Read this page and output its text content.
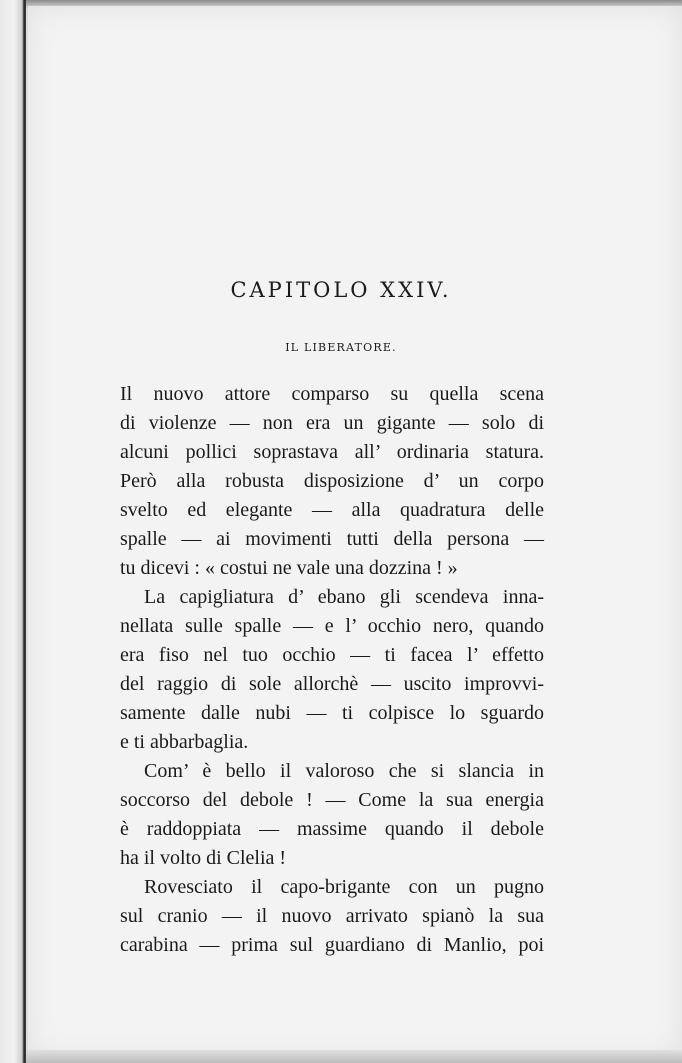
CAPITOLO XXIV.
IL LIBERATORE.
Il nuovo attore comparso su quella scena
di violenze — non era un gigante — solo di
alcuni pollici soprastava all’ ordinaria statura.
Però alla robusta disposizione d’ un corpo
svelto ed elegante — alla quadratura delle
spalle — ai movimenti tutti della persona —
tu dicevi : « costui ne vale una dozzina ! »
La capigliatura d’ ebano gli scendeva inna-
nellata sulle spalle — e l’ occhio nero, quando
era fiso nel tuo occhio — ti facea l’ effetto
del raggio di sole allorchè — uscito improvvi-
samente dalle nubi — ti colpisce lo sguardo
e ti abbarbaglia.
Com’ è bello il valoroso che si slancia in
soccorso del debole ! — Come la sua energia
è raddoppiata — massime quando il debole
ha il volto di Clelia !
Rovesciato il capo-brigante con un pugno
sul cranio — il nuovo arrivato spianò la sua
carabina — prima sul guardiano di Manlio, poi
